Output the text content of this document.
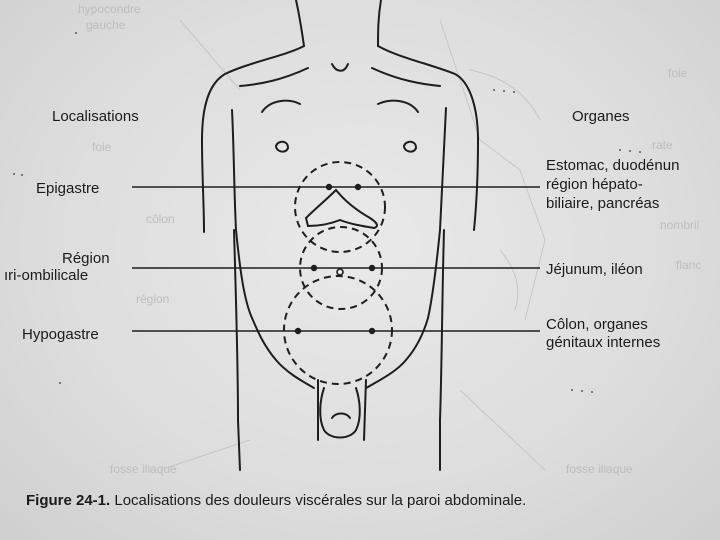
hypocondre
gauche
foie
foie
côlon
rate
nombril
flanc
région
fosse iliaque	fosse iliaque
Localisations	Organes
Epigastre
Région
ıri-ombilicale
Hypogastre
Estomac, duodénun
région hépato-
biliaire, pancréas
Jéjunum, iléon
Côlon, organes
génitaux internes
Figure 24-1. Localisations des douleurs viscérales sur la paroi abdominale.
